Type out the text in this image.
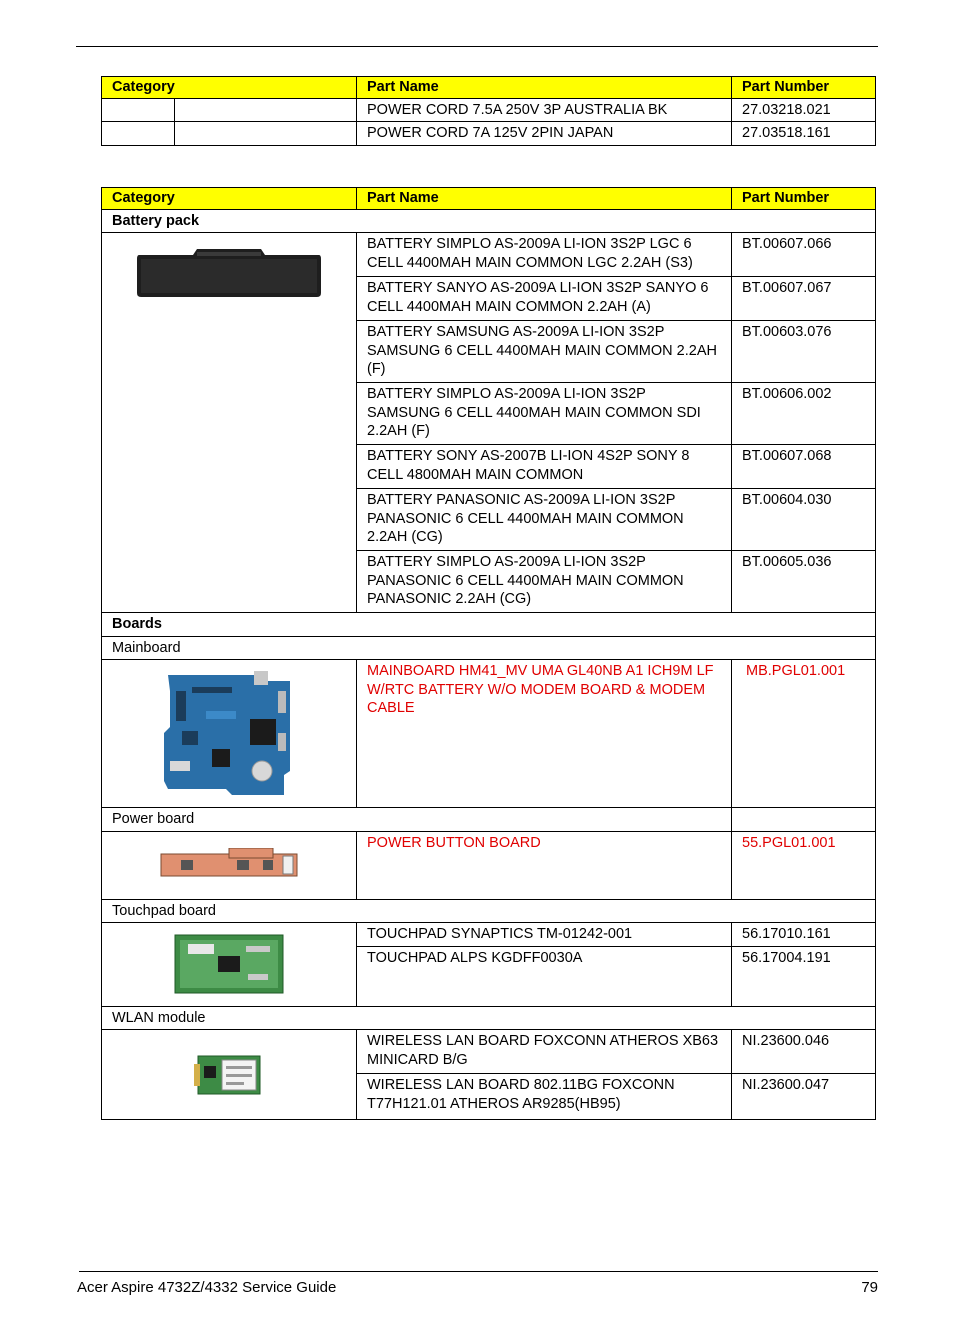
Category		Part Name	Part Number
		POWER CORD 7.5A 250V 3P AUSTRALIA BK	27.03218.021
		POWER CORD 7A 125V 2PIN JAPAN	27.03518.161
Category	Part Name	Part Number
Battery pack		

	BATTERY SIMPLO AS-2009A LI-ION 3S2P LGC 6 CELL 4400MAH MAIN COMMON LGC 2.2AH (S3)	BT.00607.066
	BATTERY SANYO AS-2009A LI-ION 3S2P SANYO 6 CELL 4400MAH MAIN COMMON 2.2AH (A)	BT.00607.067
	BATTERY SAMSUNG AS-2009A LI-ION 3S2P SAMSUNG 6 CELL 4400MAH MAIN COMMON 2.2AH (F)	BT.00603.076
	BATTERY SIMPLO AS-2009A LI-ION 3S2P SAMSUNG 6 CELL 4400MAH MAIN COMMON SDI 2.2AH (F)	BT.00606.002
	BATTERY SONY AS-2007B LI-ION 4S2P SONY 8 CELL 4800MAH MAIN COMMON	BT.00607.068
	BATTERY PANASONIC AS-2009A LI-ION 3S2P PANASONIC 6 CELL 4400MAH MAIN COMMON 2.2AH (CG)	BT.00604.030
	BATTERY SIMPLO AS-2009A LI-ION 3S2P PANASONIC 6 CELL 4400MAH MAIN COMMON PANASONIC 2.2AH (CG)	BT.00605.036
Boards		
Mainboard		

	MAINBOARD HM41_MV UMA GL40NB A1 ICH9M LF W/RTC BATTERY W/O MODEM BOARD & MODEM CABLE	MB.PGL01.001
Power board		

	POWER BUTTON BOARD	55.PGL01.001
Touchpad board		

	TOUCHPAD SYNAPTICS TM-01242-001	56.17010.161
	TOUCHPAD ALPS KGDFF0030A	56.17004.191
WLAN module		

	WIRELESS LAN BOARD FOXCONN ATHEROS XB63 MINICARD B/G	NI.23600.046
	WIRELESS LAN BOARD 802.11BG FOXCONN T77H121.01 ATHEROS AR9285(HB95)	NI.23600.047
Acer Aspire 4732Z/4332 Service Guide	79
